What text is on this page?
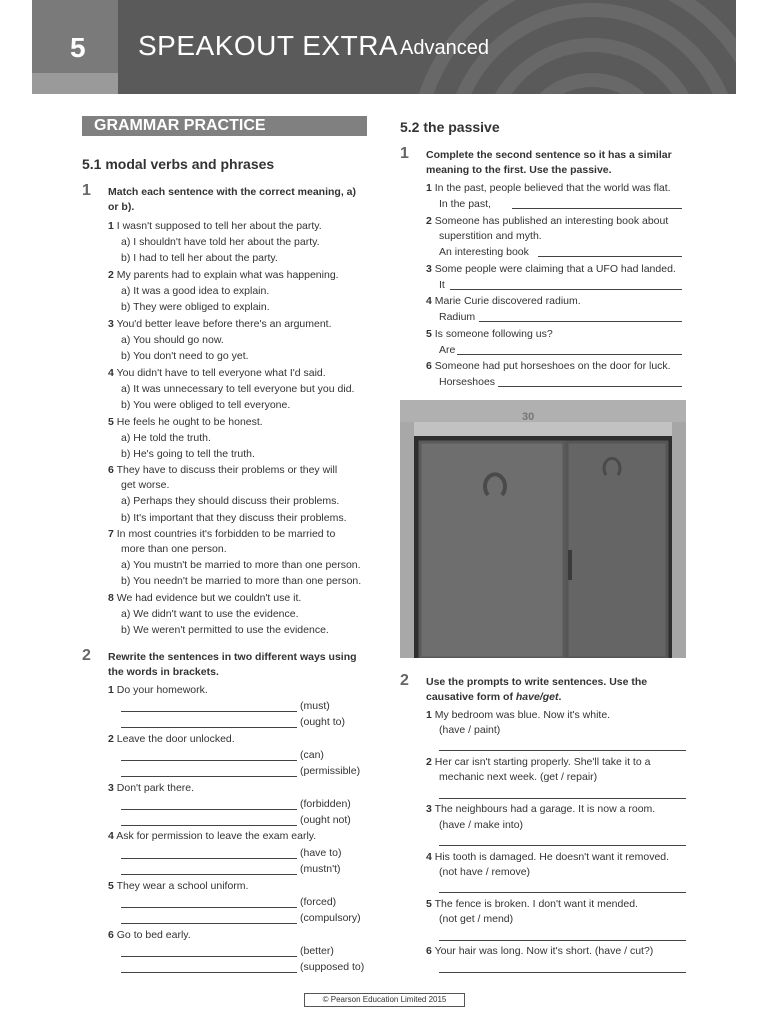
5 SPEAKOUT EXTRA Advanced
GRAMMAR PRACTICE
5.1 modal verbs and phrases
1 Match each sentence with the correct meaning, a)
or b).
1 I wasn't supposed to tell her about the party.
a) I shouldn't have told her about the party.
b) I had to tell her about the party.
2 My parents had to explain what was happening.
a) It was a good idea to explain.
b) They were obliged to explain.
3 You'd better leave before there's an argument.
a) You should go now.
b) You don't need to go yet.
4 You didn't have to tell everyone what I'd said.
a) It was unnecessary to tell everyone but you did.
b) You were obliged to tell everyone.
5 He feels he ought to be honest.
a) He told the truth.
b) He's going to tell the truth.
6 They have to discuss their problems or they will
get worse.
a) Perhaps they should discuss their problems.
b) It's important that they discuss their problems.
7 In most countries it's forbidden to be married to
more than one person.
a) You mustn't be married to more than one person.
b) You needn't be married to more than one person.
8 We had evidence but we couldn't use it.
a) We didn't want to use the evidence.
b) We weren't permitted to use the evidence.
2 Rewrite the sentences in two different ways using
the words in brackets.
1 Do your homework.
(must)
(ought to)
2 Leave the door unlocked.
(can)
(permissible)
3 Don't park there.
(forbidden)
(ought not)
4 Ask for permission to leave the exam early.
(have to)
(mustn't)
5 They wear a school uniform.
(forced)
(compulsory)
6 Go to bed early.
(better)
(supposed to)
5.2 the passive
1 Complete the second sentence so it has a similar
meaning to the first. Use the passive.
1 In the past, people believed that the world was flat.
In the past,
2 Someone has published an interesting book about
superstition and myth.
An interesting book
3 Some people were claiming that a UFO had landed.
It
4 Marie Curie discovered radium.
Radium
5 Is someone following us?
Are
6 Someone had put horseshoes on the door for luck.
Horseshoes
30
2 Use the prompts to write sentences. Use the
causative form of have/get.
1 My bedroom was blue. Now it's white.
(have / paint)
2 Her car isn't starting properly. She'll take it to a
mechanic next week. (get / repair)
3 The neighbours had a garage. It is now a room.
(have / make into)
4 His tooth is damaged. He doesn't want it removed.
(not have / remove)
5 The fence is broken. I don't want it mended.
(not get / mend)
6 Your hair was long. Now it's short. (have / cut?)
© Pearson Education Limited 2015
